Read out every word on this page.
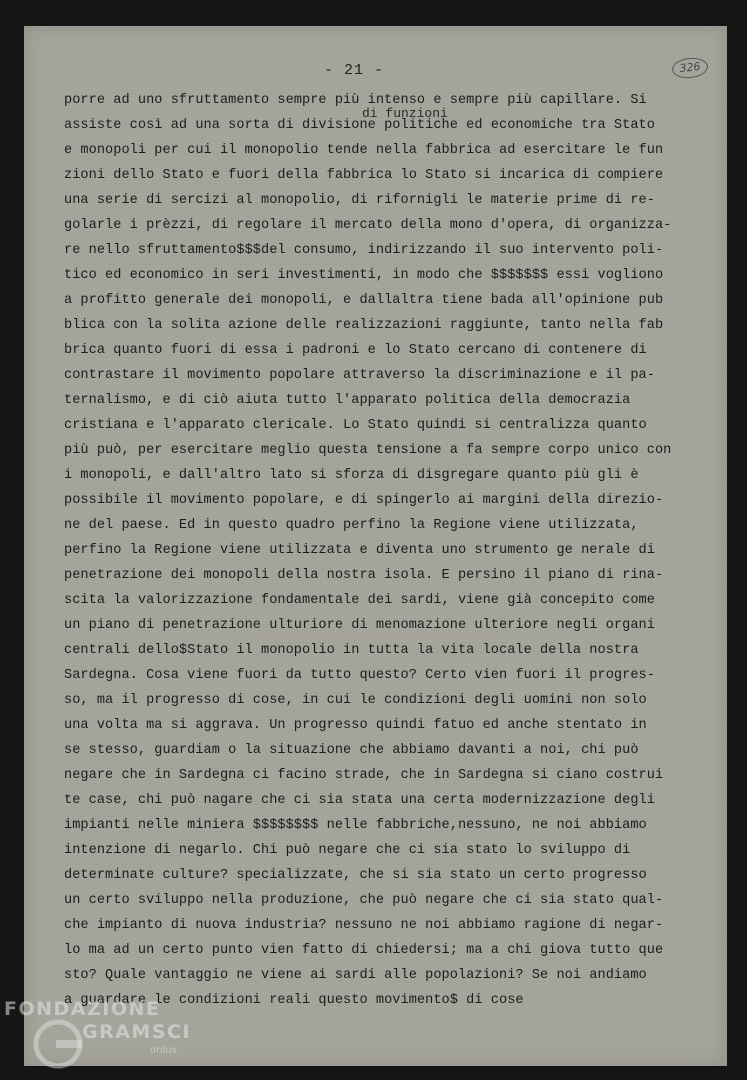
- 21 -	326
di funzioni
porre ad uno sfruttamento sempre più intenso e sempre più capillare. Si
assiste così ad una sorta di divisione politiche ed economiche tra Stato
e monopoli per cui il monopolio tende nella fabbrica ad esercitare le fun
zioni dello Stato e fuori della fabbrica lo Stato si incarica di compiere
una serie di sercizi al monopolio, di rifornigli le materie prime di re-
golarle i prèzzi, di regolare il mercato della mono d'opera, di organizza-
re nello sfruttamento$$$del consumo, indirizzando il suo intervento poli-
tico ed economico in seri investimenti, in modo che $$$$$$$ essi vogliono
a profitto generale dei monopoli, e dallaltra tiene bada all'opinione pub
blica con la solita azione delle realizzazioni raggiunte, tanto nella fab
brica quanto fuori di essa i padroni e lo Stato cercano di contenere di
contrastare il movimento popolare attraverso la discriminazione e il pa-
ternalismo, e di ciò aiuta tutto l'apparato politica della democrazia
cristiana e l'apparato clericale. Lo Stato quindi si centralizza quanto
più può, per esercitare meglio questa tensione a fa sempre corpo unico con
i monopoli, e dall'altro lato si sforza di disgregare quanto più gli è
possibile il movimento popolare, e di spingerlo ai margini della direzio-
ne del paese. Ed in questo quadro perfino la Regione viene utilizzata,
perfino la Regione viene utilizzata e diventa uno strumento ge nerale di
penetrazione dei monopoli della nostra isola. E persino il piano di rina-
scita la valorizzazione fondamentale dei sardi, viene già concepito come
un piano di penetrazione ulturiore di menomazione ulteriore negli organi
centrali dello$Stato il monopolio in tutta la vita locale della nostra
Sardegna. Cosa viene fuori da tutto questo? Certo vien fuori il progres-
so, ma il progresso di cose, in cui le condizioni degli uomini non solo
una volta ma si aggrava. Un progresso quindi fatuo ed anche stentato in
se stesso, guardiam o la situazione che abbiamo davanti a noi, chi può
negare che in Sardegna ci facino strade, che in Sardegna si ciano costrui
te case, chi può nagare che ci sia stata una certa modernizzazione degli
impianti nelle miniera $$$$$$$$ nelle fabbriche,nessuno, ne noi abbiamo
intenzione di negarlo. Chi può negare che ci sia stato lo sviluppo di
determinate culture? specializzate, che si sia stato un certo progresso
un certo sviluppo nella produzione, che può negare che ci sia stato qual-
che impianto di nuova industria? nessuno ne noi abbiamo ragione di negar-
lo ma ad un certo punto vien fatto di chiedersi; ma a chi giova tutto que
sto? Quale vantaggio ne viene ai sardi alle popolazioni? Se noi andiamo
a guardare le condizioni reali questo movimento$ di cose
FONDAZIONE
GRAMSCI
onlus
